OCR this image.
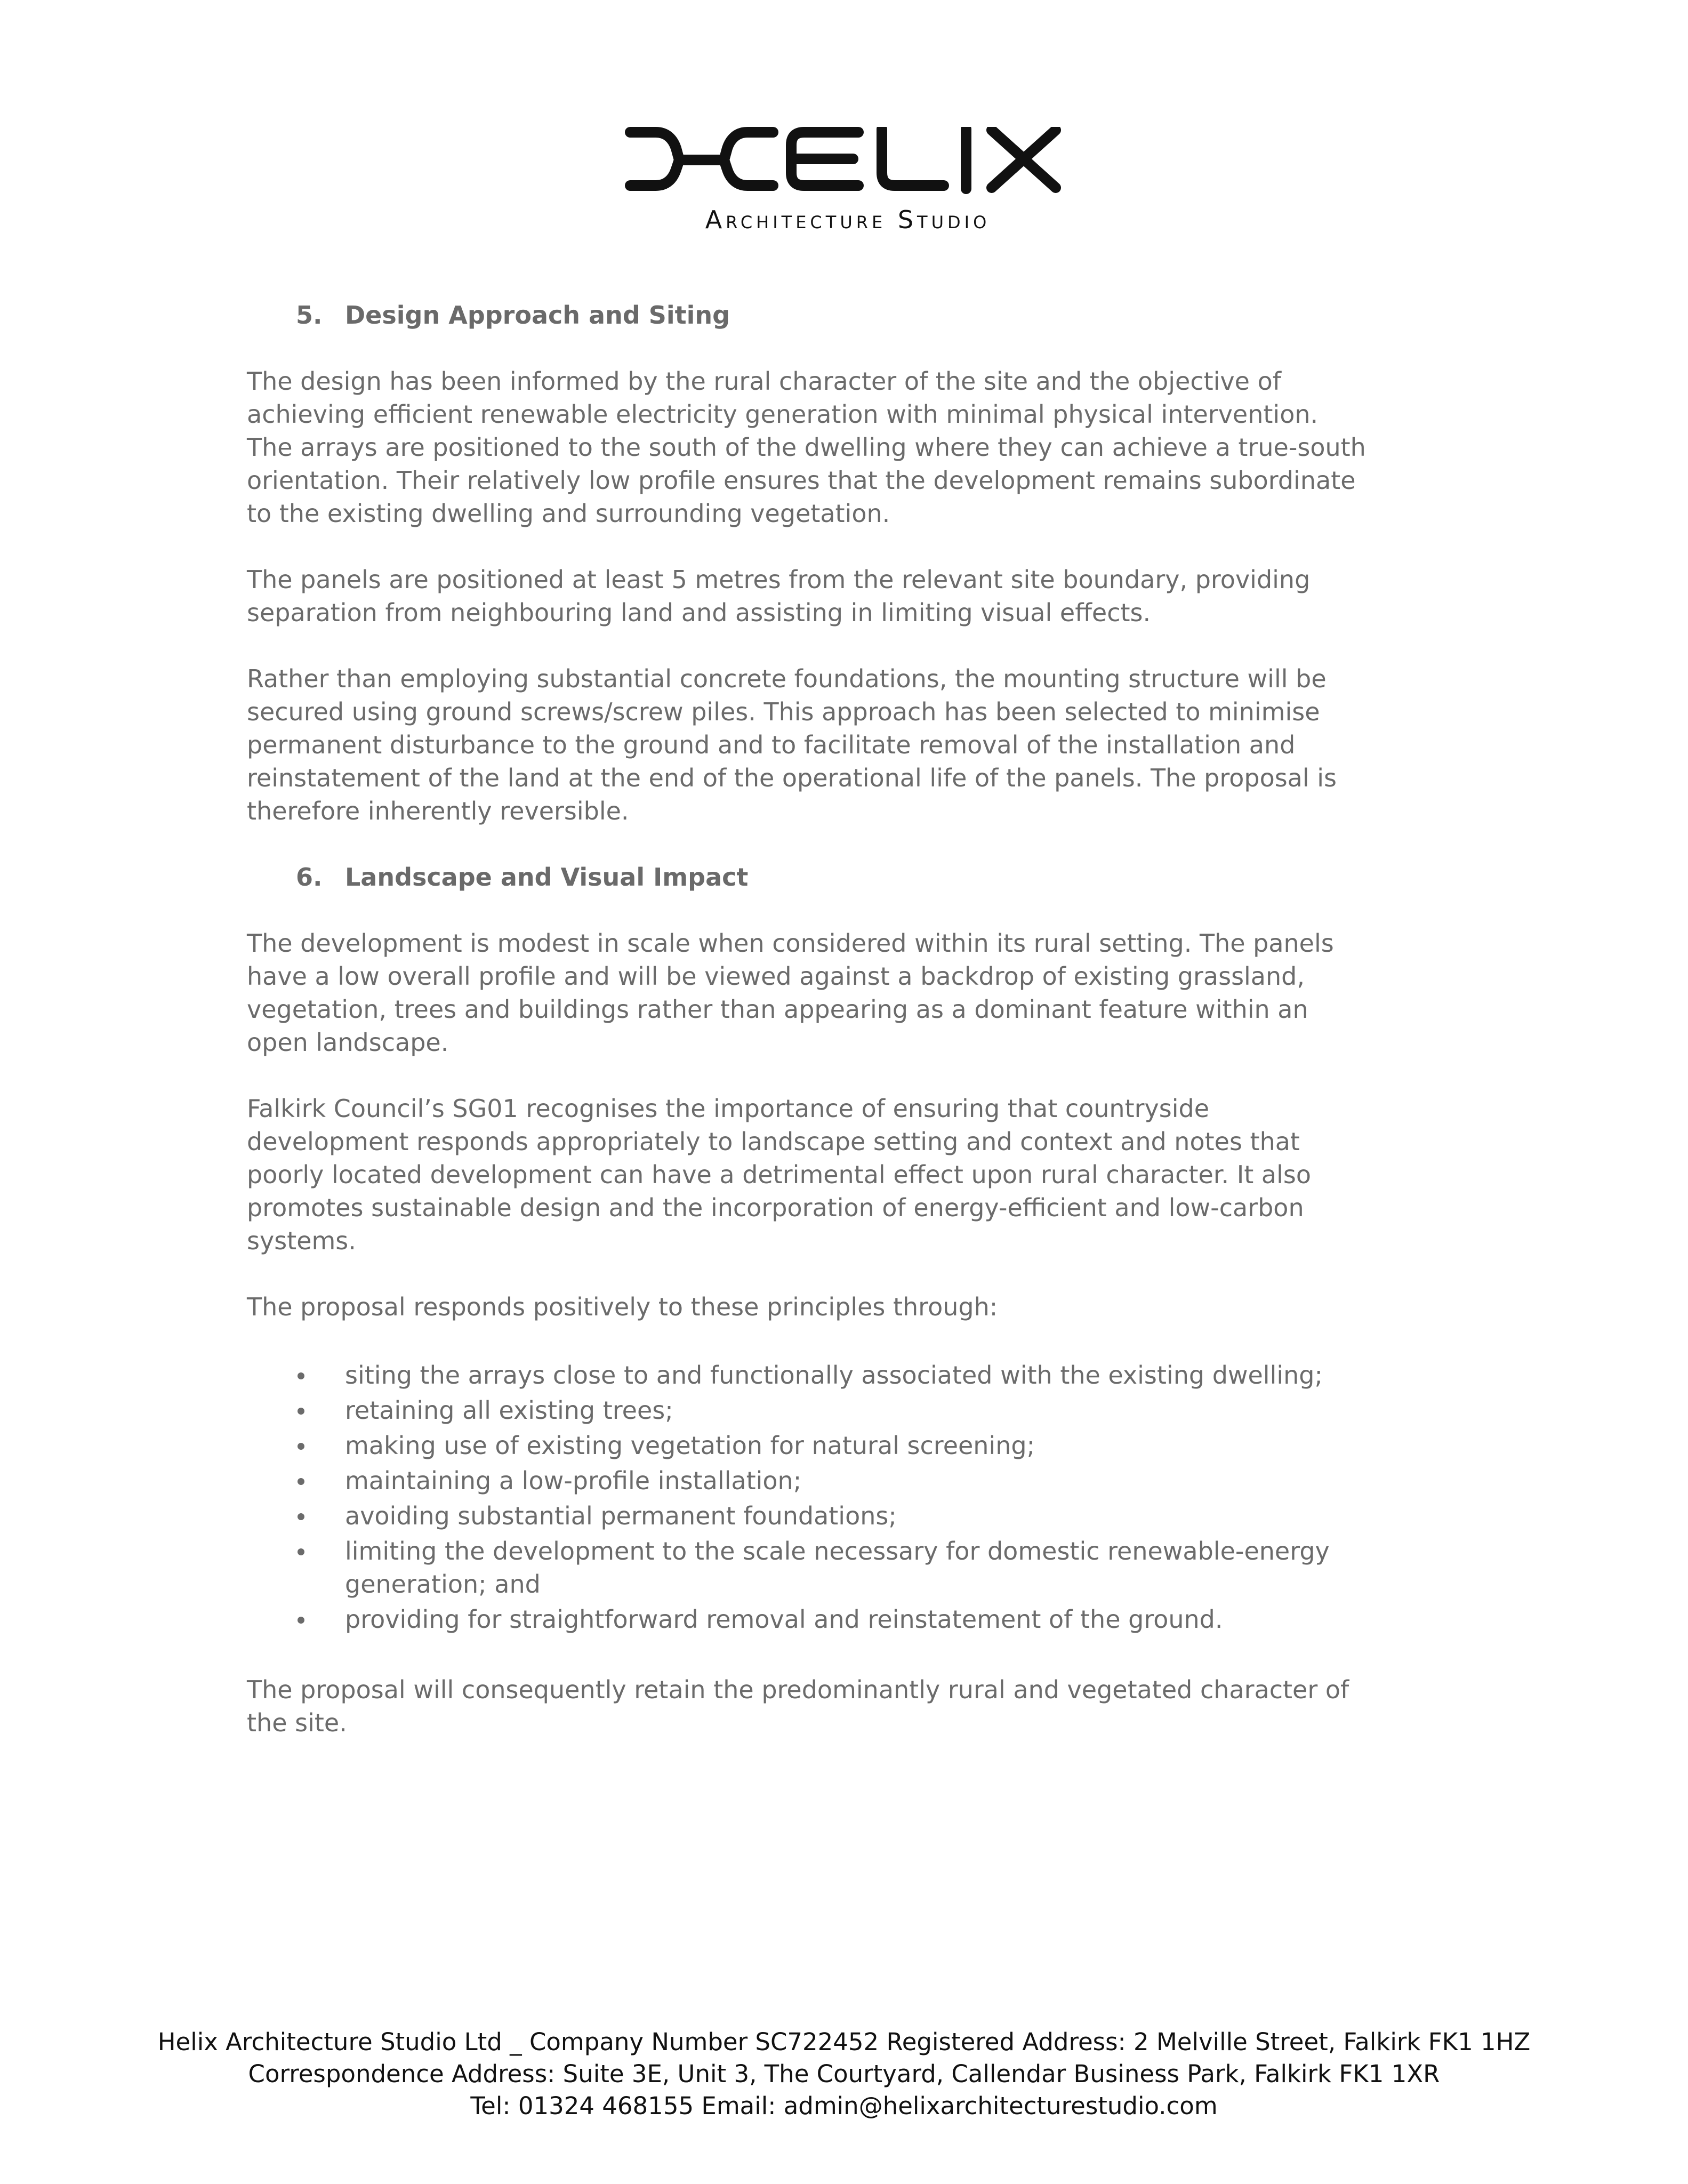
Architecture Studio
5. Design Approach and Siting

The design has been informed by the rural character of the site and the objective of
achieving efficient renewable electricity generation with minimal physical intervention.
The arrays are positioned to the south of the dwelling where they can achieve a true-south
orientation. Their relatively low profile ensures that the development remains subordinate
to the existing dwelling and surrounding vegetation.

The panels are positioned at least 5 metres from the relevant site boundary, providing
separation from neighbouring land and assisting in limiting visual effects.

Rather than employing substantial concrete foundations, the mounting structure will be
secured using ground screws/screw piles. This approach has been selected to minimise
permanent disturbance to the ground and to facilitate removal of the installation and
reinstatement of the land at the end of the operational life of the panels. The proposal is
therefore inherently reversible.

6. Landscape and Visual Impact

The development is modest in scale when considered within its rural setting. The panels
have a low overall profile and will be viewed against a backdrop of existing grassland,
vegetation, trees and buildings rather than appearing as a dominant feature within an
open landscape.

Falkirk Council’s SG01 recognises the importance of ensuring that countryside
development responds appropriately to landscape setting and context and notes that
poorly located development can have a detrimental effect upon rural character. It also
promotes sustainable design and the incorporation of energy-efficient and low-carbon
systems.

The proposal responds positively to these principles through:

siting the arrays close to and functionally associated with the existing dwelling;
retaining all existing trees;
making use of existing vegetation for natural screening;
maintaining a low-profile installation;
avoiding substantial permanent foundations;
limiting the development to the scale necessary for domestic renewable-energy
generation; and
providing for straightforward removal and reinstatement of the ground.

The proposal will consequently retain the predominantly rural and vegetated character of
the site.

Helix Architecture Studio Ltd _ Company Number SC722452 Registered Address: 2 Melville Street, Falkirk FK1 1HZ
Correspondence Address: Suite 3E, Unit 3, The Courtyard, Callendar Business Park, Falkirk FK1 1XR
Tel: 01324 468155 Email: admin@helixarchitecturestudio.com
